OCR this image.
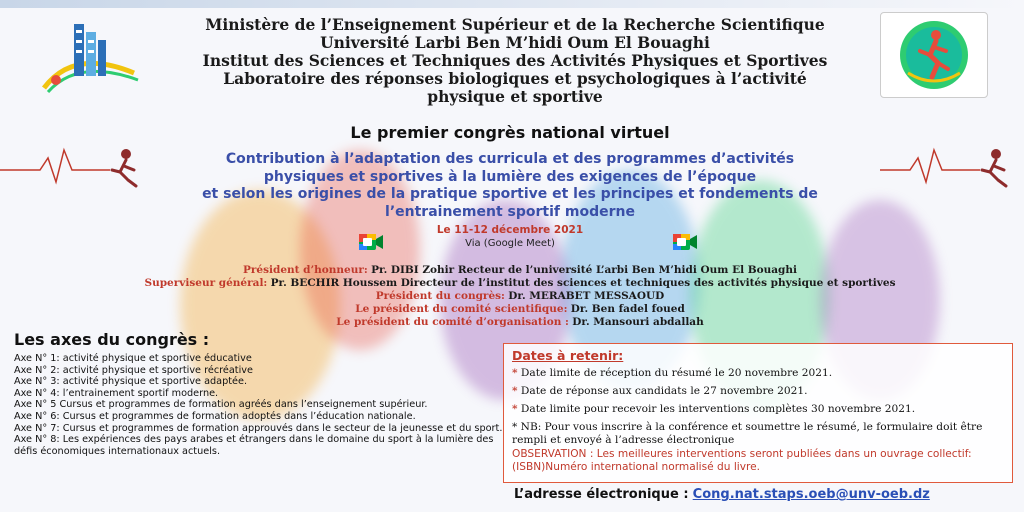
Ministère de l’Enseignement Supérieur et de la Recherche Scientifique
Université Larbi Ben M’hidi Oum El Bouaghi
Institut des Sciences et Techniques des Activités Physiques et Sportives
Laboratoire des réponses biologiques et psychologiques à l’activité
physique et sportive
Le premier congrès national virtuel
Contribution à l’adaptation des curricula et des programmes d’activités
physiques et sportives à la lumière des exigences de l’époque
et selon les origines de la pratique sportive et les principes et fondements de
l’entrainement sportif moderne
Le 11-12 décembre 2021
Via (Google Meet)
Président d’honneur: Pr. DIBI Zohir Recteur de l’université L’arbi Ben M’hidi Oum El Bouaghi
Superviseur général: Pr. BECHIR Houssem Directeur de l’institut des sciences et techniques des activités physique et sportives
Président du congrès: Dr. MERABET MESSAOUD
Le président du comité scientifique: Dr. Ben fadel foued
Le président du comité d’organisation : Dr. Mansouri abdallah
Les axes du congrès :
Axe N° 1: activité physique et sportive éducative
Axe N° 2: activité physique et sportive récréative
Axe N° 3: activité physique et sportive adaptée.
Axe N° 4: l’entrainement sportif moderne.
Axe N° 5 Cursus et programmes de formation agréés dans l’enseignement supérieur.
Axe N° 6: Cursus et programmes de formation adoptés dans l’éducation nationale.
Axe N° 7: Cursus et programmes de formation approuvés dans le secteur de la jeunesse et du sport.
Axe N° 8: Les expériences des pays arabes et étrangers dans le domaine du sport à la lumière des défis économiques internationaux actuels.
Dates à retenir:
* Date limite de réception du résumé le 20 novembre 2021.
* Date de réponse aux candidats le 27 novembre 2021.
* Date limite pour recevoir les interventions complètes 30 novembre 2021.
* NB: Pour vous inscrire à la conférence et soumettre le résumé, le formulaire doit être rempli et envoyé à l’adresse électronique
OBSERVATION : Les meilleures interventions seront publiées dans un ouvrage collectif: (ISBN)Numéro international normalisé du livre.
L’adresse électronique : Cong.nat.staps.oeb@unv-oeb.dz
